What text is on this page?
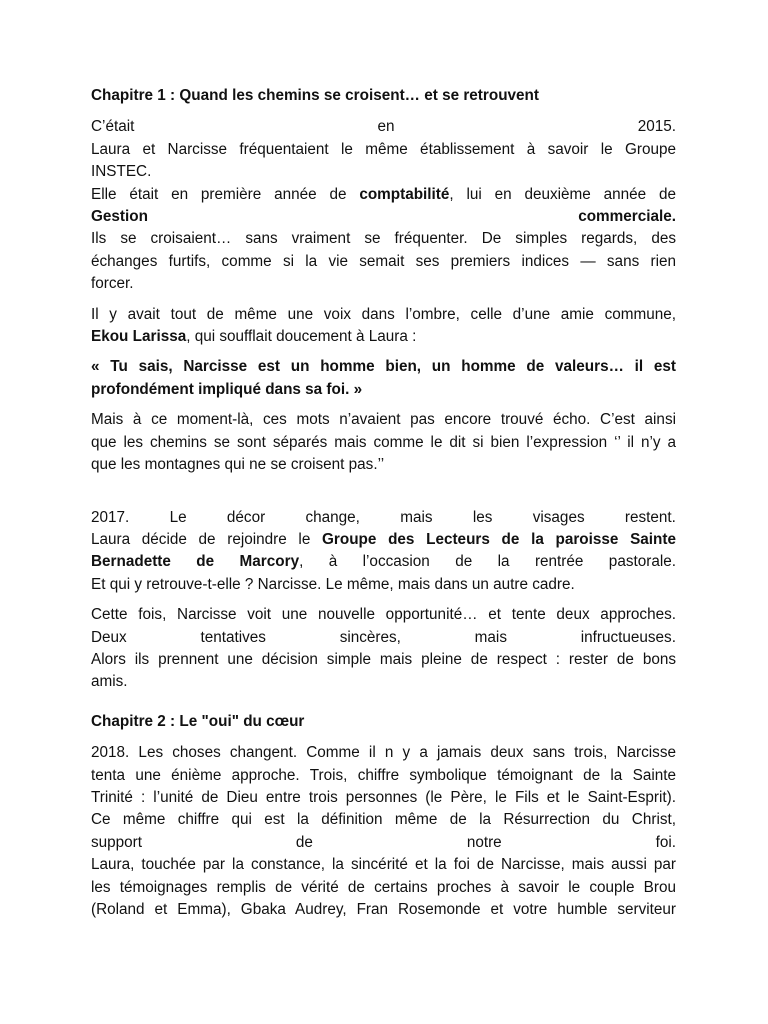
Chapitre 1 : Quand les chemins se croisent… et se retrouvent

C’était	en	2015.
Laura et Narcisse fréquentaient le même établissement à savoir le Groupe
INSTEC.
Elle était en première année de comptabilité, lui en deuxième année de
Gestion	commerciale.
Ils se croisaient… sans vraiment se fréquenter. De simples regards, des
échanges furtifs, comme si la vie semait ses premiers indices — sans rien
forcer.

Il y avait tout de même une voix dans l’ombre, celle d’une amie commune,
Ekou Larissa, qui soufflait doucement à Laura :

« Tu sais, Narcisse est un homme bien, un homme de valeurs… il est
profondément impliqué dans sa foi. »

Mais à ce moment-là, ces mots n’avaient pas encore trouvé écho. C’est ainsi
que les chemins se sont séparés mais comme le dit si bien l’expression ‘’ il n’y a
que les montagnes qui ne se croisent pas.’’

2017.	Le	décor	change,	mais	les	visages	restent.
Laura décide de rejoindre le Groupe des Lecteurs de la paroisse Sainte
Bernadette de Marcory, à l’occasion de la rentrée pastorale.
Et qui y retrouve-t-elle ? Narcisse. Le même, mais dans un autre cadre.

Cette fois, Narcisse voit une nouvelle opportunité… et tente deux approches.
Deux	tentatives	sincères,	mais	infructueuses.
Alors ils prennent une décision simple mais pleine de respect : rester de bons
amis.

Chapitre 2 : Le "oui" du cœur

2018. Les choses changent. Comme il n y a jamais deux sans trois, Narcisse
tenta une énième approche. Trois, chiffre symbolique témoignant de la Sainte
Trinité : l’unité de Dieu entre trois personnes (le Père, le Fils et le Saint-Esprit).
Ce même chiffre qui est la définition même de la Résurrection du Christ,
support	de	notre	foi.
Laura, touchée par la constance, la sincérité et la foi de Narcisse, mais aussi par
les témoignages remplis de vérité de certains proches à savoir le couple Brou
(Roland et Emma), Gbaka Audrey, Fran Rosemonde et votre humble serviteur
